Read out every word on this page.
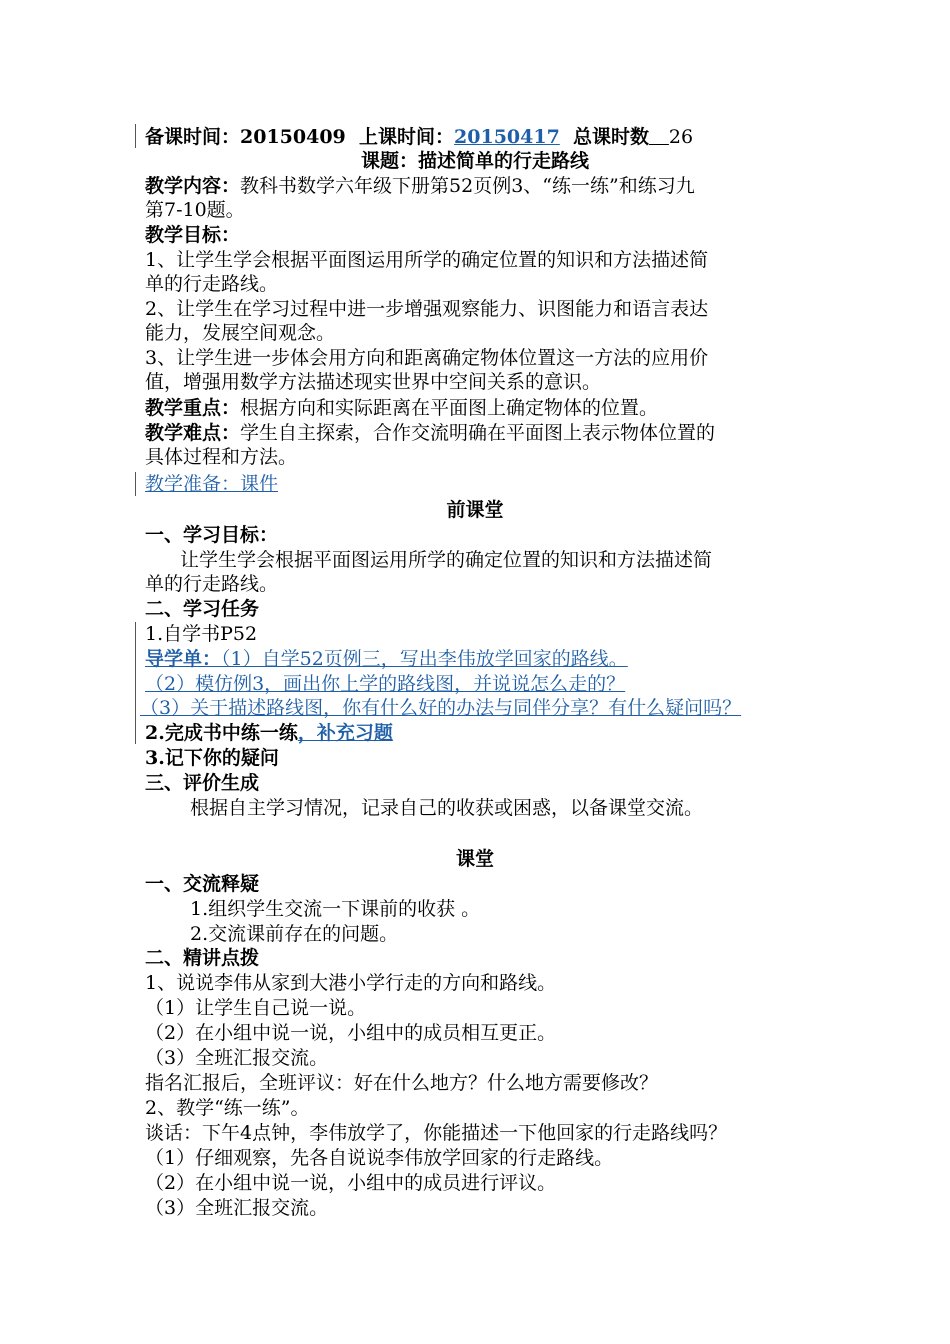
备课时间：20150409 上课时间：20150417 总课时数 26
课题：描述简单的行走路线
教学内容：教科书数学六年级下册第52页例3、“练一练”和练习九
第7-10题。
教学目标：
1、让学生学会根据平面图运用所学的确定位置的知识和方法描述简
单的行走路线。
2、让学生在学习过程中进一步增强观察能力、识图能力和语言表达
能力，发展空间观念。
3、让学生进一步体会用方向和距离确定物体位置这一方法的应用价
值，增强用数学方法描述现实世界中空间关系的意识。
教学重点：根据方向和实际距离在平面图上确定物体的位置。
教学难点：学生自主探索，合作交流明确在平面图上表示物体位置的
具体过程和方法。
教学准备：课件
前课堂
一、学习目标：
让学生学会根据平面图运用所学的确定位置的知识和方法描述简
单的行走路线。
二、学习任务
1.自学书P52
导学单：（1）自学52页例三，写出李伟放学回家的路线。
（2）模仿例3，画出你上学的路线图，并说说怎么走的？
（3）关于描述路线图，你有什么好的办法与同伴分享？有什么疑问吗？
2.完成书中练一练，补充习题
3.记下你的疑问
三、评价生成
根据自主学习情况，记录自己的收获或困惑，以备课堂交流。
课堂
一、交流释疑
1.组织学生交流一下课前的收获 。
2.交流课前存在的问题。
二、精讲点拨
1、说说李伟从家到大港小学行走的方向和路线。
（1）让学生自己说一说。
（2）在小组中说一说，小组中的成员相互更正。
（3）全班汇报交流。
指名汇报后，全班评议：好在什么地方？什么地方需要修改？
2、教学“练一练”。
谈话：下午4点钟，李伟放学了，你能描述一下他回家的行走路线吗？
（1）仔细观察，先各自说说李伟放学回家的行走路线。
（2）在小组中说一说，小组中的成员进行评议。
（3）全班汇报交流。
